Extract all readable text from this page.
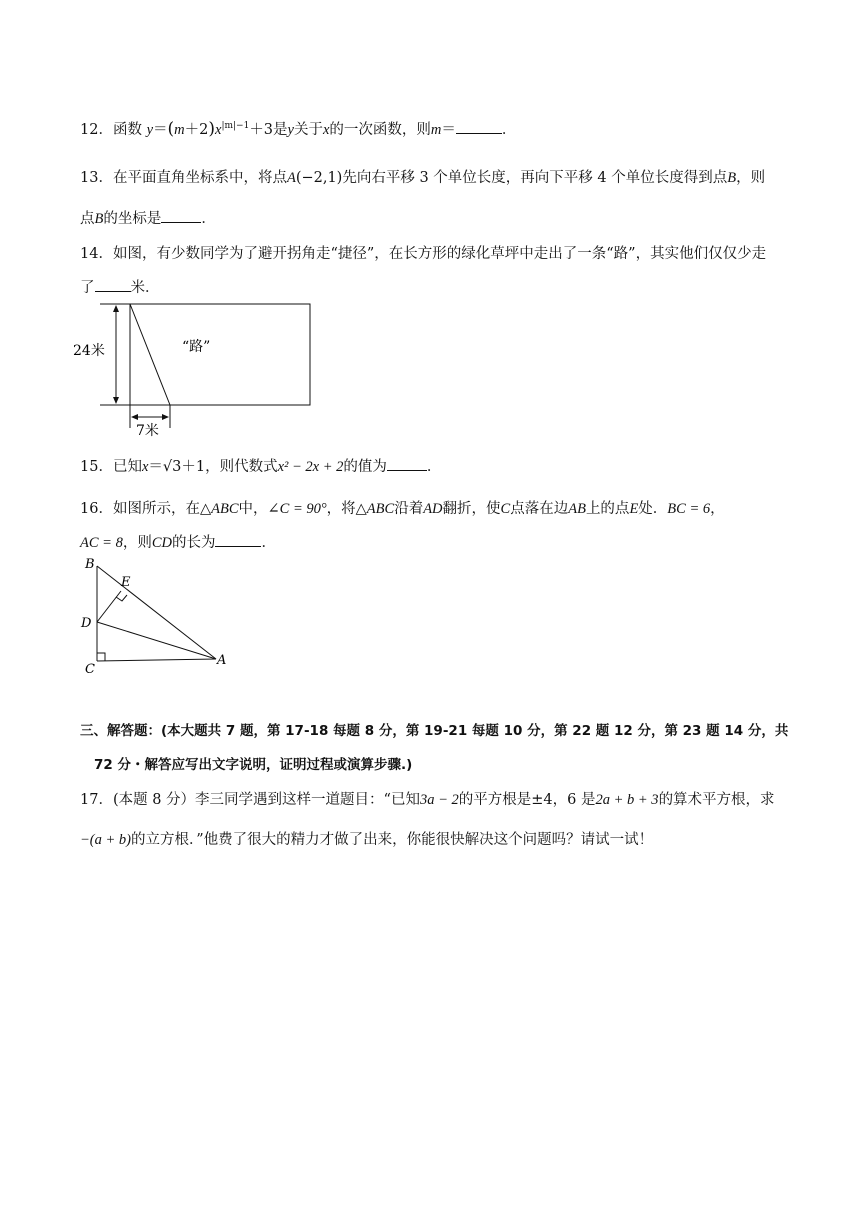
12．函数 $y=(m+2)x^{|m|-1}+3$是y关于x的一次函数，则m＝	．
13．在平面直角坐标系中，将点A(−2,1)先向右平移 3 个单位长度，再向下平移 4 个单位长度得到点B，则
点B的坐标是	．
14．如图，有少数同学为了避开拐角走“捷径”，在长方形的绿化草坪中走出了一条“路”，其实他们仅仅少走
了 米．
24米
7米
“路”
15．已知x＝√3＋1，则代数式x² − 2x + 2的值为	．
16．如图所示，在△ABC中，∠C = 90°，将△ABC沿着AD翻折，使C点落在边AB上的点E处．BC = 6，
AC = 8，则CD的长为	．
B
E
D
C
A
三、解答题：(本大题共 7 题，第 17-18 每题 8 分，第 19-21 每题 10 分，第 22 题 12 分，第 23 题 14 分，共
72 分・解答应写出文字说明，证明过程或演算步骤.)
17．(本题 8 分）李三同学遇到这样一道题目：“已知3a − 2的平方根是±4，6 是2a + b + 3的算术平方根，求
−(a + b)的立方根．”他费了很大的精力才做了出来，你能很快解决这个问题吗？请试一试！
